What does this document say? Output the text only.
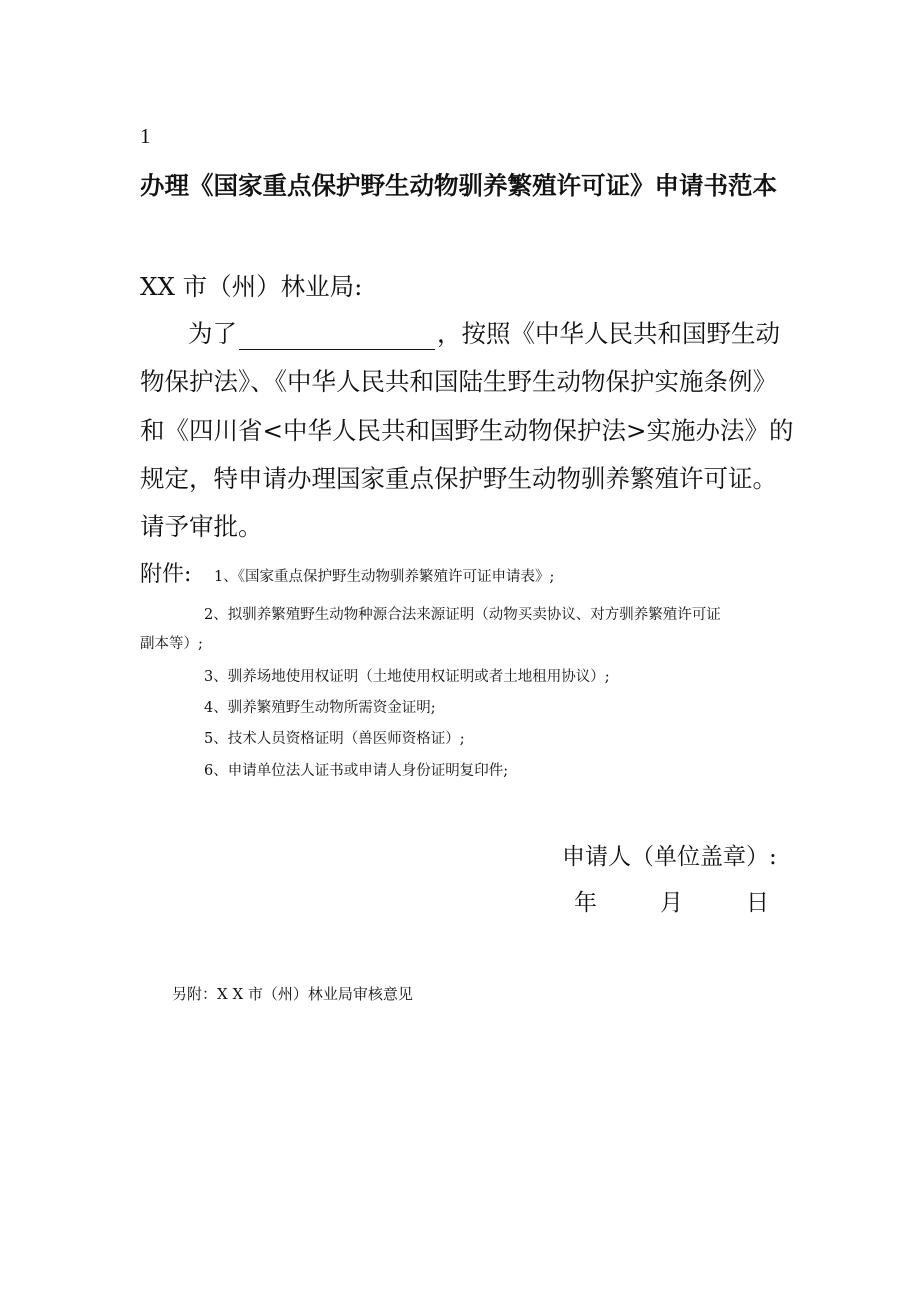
1
办理《国家重点保护野生动物驯养繁殖许可证》申请书范本
XX 市（州）林业局:
为了	，按照《中华人民共和国野生动
物保护法》、《中华人民共和国陆生野生动物保护实施条例》
和《四川省<中华人民共和国野生动物保护法>实施办法》的
规定，特申请办理国家重点保护野生动物驯养繁殖许可证。
请予审批。
附件: 1、《国家重点保护野生动物驯养繁殖许可证申请表》;
2、拟驯养繁殖野生动物种源合法来源证明（动物买卖协议、对方驯养繁殖许可证
副本等）;
3、驯养场地使用权证明（土地使用权证明或者土地租用协议）;
4、驯养繁殖野生动物所需资金证明;
5、技术人员资格证明（兽医师资格证）;
6、申请单位法人证书或申请人身份证明复印件;
申请人（单位盖章）:
年	月	日
另附：X X 市（州）林业局审核意见
